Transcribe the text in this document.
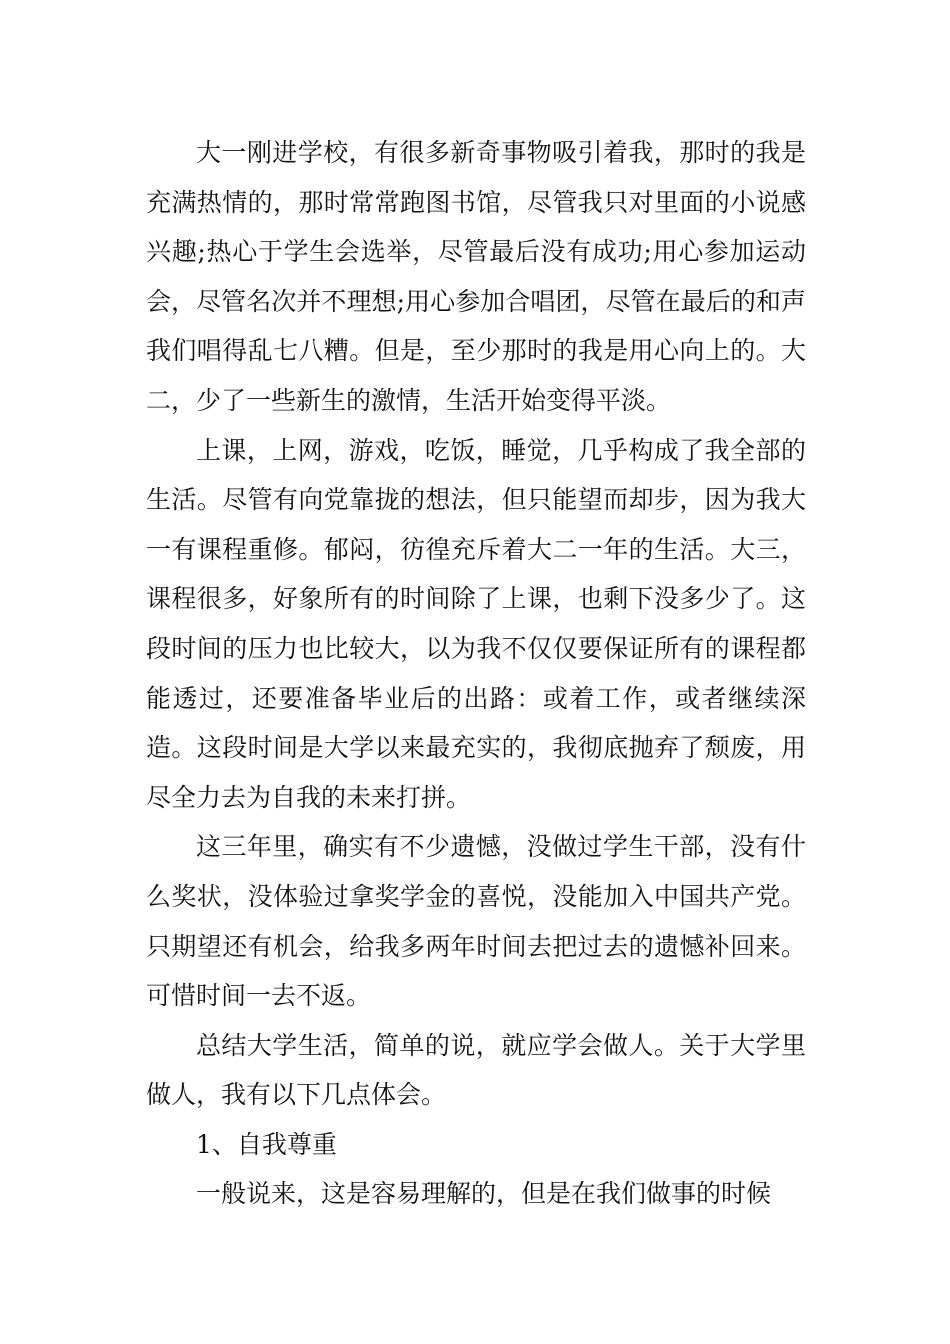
大一刚进学校，有很多新奇事物吸引着我，那时的我是充满热情的，那时常常跑图书馆，尽管我只对里面的小说感兴趣;热心于学生会选举，尽管最后没有成功;用心参加运动会，尽管名次并不理想;用心参加合唱团，尽管在最后的和声我们唱得乱七八糟。但是，至少那时的我是用心向上的。大二，少了一些新生的激情，生活开始变得平淡。

上课，上网，游戏，吃饭，睡觉，几乎构成了我全部的生活。尽管有向党靠拢的想法，但只能望而却步，因为我大一有课程重修。郁闷，彷徨充斥着大二一年的生活。大三，课程很多，好象所有的时间除了上课，也剩下没多少了。这段时间的压力也比较大，以为我不仅仅要保证所有的课程都能透过，还要准备毕业后的出路：或着工作，或者继续深造。这段时间是大学以来最充实的，我彻底抛弃了颓废，用尽全力去为自我的未来打拼。

这三年里，确实有不少遗憾，没做过学生干部，没有什么奖状，没体验过拿奖学金的喜悦，没能加入中国共产党。只期望还有机会，给我多两年时间去把过去的遗憾补回来。可惜时间一去不返。

总结大学生活，简单的说，就应学会做人。关于大学里做人，我有以下几点体会。

1、自我尊重

一般说来，这是容易理解的，但是在我们做事的时候
